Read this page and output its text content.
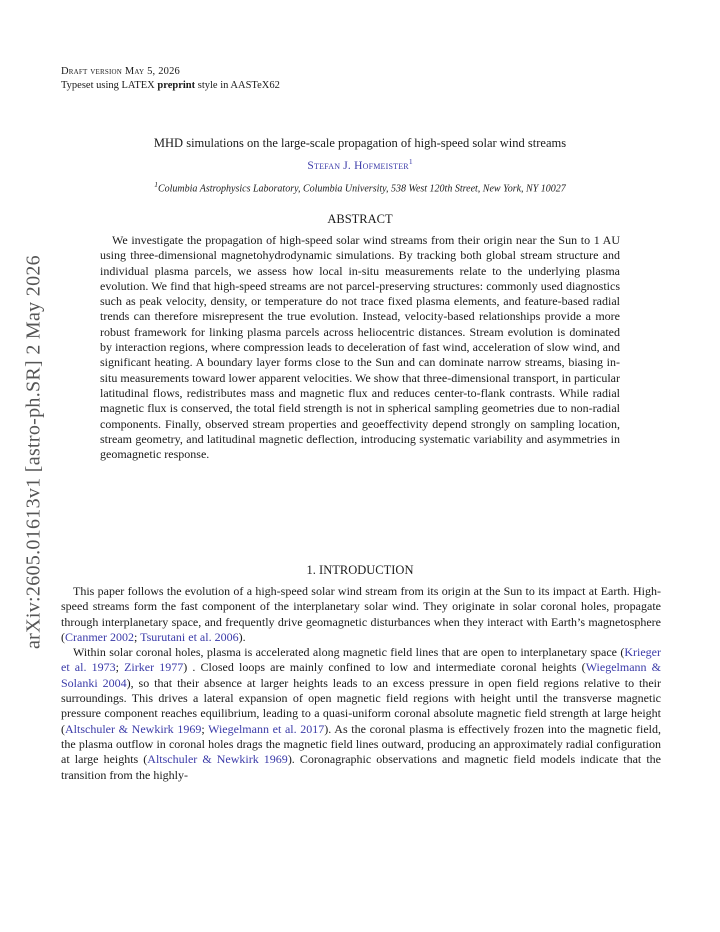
Draft version May 5, 2026
Typeset using LATEX preprint style in AASTeX62
arXiv:2605.01613v1 [astro-ph.SR] 2 May 2026
MHD simulations on the large-scale propagation of high-speed solar wind streams
Stefan J. Hofmeister$^1$
$^1$Columbia Astrophysics Laboratory, Columbia University, 538 West 120th Street, New York, NY 10027
ABSTRACT
We investigate the propagation of high-speed solar wind streams from their origin near the Sun to 1 AU using three-dimensional magnetohydrodynamic simulations. By tracking both global stream structure and individual plasma parcels, we assess how local in-situ measurements relate to the underlying plasma evolution. We find that high-speed streams are not parcel-preserving structures: commonly used diagnostics such as peak velocity, density, or temperature do not trace fixed plasma elements, and feature-based radial trends can therefore misrepresent the true evolution. Instead, velocity-based relationships provide a more robust framework for linking plasma parcels across heliocentric distances. Stream evolution is dominated by interaction regions, where compression leads to deceleration of fast wind, acceleration of slow wind, and significant heating. A boundary layer forms close to the Sun and can dominate narrow streams, biasing in-situ measurements toward lower apparent velocities. We show that three-dimensional transport, in particular latitudinal flows, redistributes mass and magnetic flux and reduces center-to-flank contrasts. While radial magnetic flux is conserved, the total field strength is not in spherical sampling geometries due to non-radial components. Finally, observed stream properties and geoeffectivity depend strongly on sampling location, stream geometry, and latitudinal magnetic deflection, introducing systematic variability and asymmetries in geomagnetic response.
1. INTRODUCTION

This paper follows the evolution of a high-speed solar wind stream from its origin at the Sun to its impact at Earth. High-speed streams form the fast component of the interplanetary solar wind. They originate in solar coronal holes, propagate through interplanetary space, and frequently drive geomagnetic disturbances when they interact with Earth’s magnetosphere (Cranmer 2002; Tsurutani et al. 2006).

Within solar coronal holes, plasma is accelerated along magnetic field lines that are open to interplanetary space (Krieger et al. 1973; Zirker 1977) . Closed loops are mainly confined to low and intermediate coronal heights (Wiegelmann & Solanki 2004), so that their absence at larger heights leads to an excess pressure in open field regions relative to their surroundings. This drives a lateral expansion of open magnetic field regions with height until the transverse magnetic pressure component reaches equilibrium, leading to a quasi-uniform coronal absolute magnetic field strength at large height (Altschuler & Newkirk 1969; Wiegelmann et al. 2017). As the coronal plasma is effectively frozen into the magnetic field, the plasma outflow in coronal holes drags the magnetic field lines outward, producing an approximately radial configuration at large heights (Altschuler & Newkirk 1969). Coronagraphic observations and magnetic field models indicate that the transition from the highly-
